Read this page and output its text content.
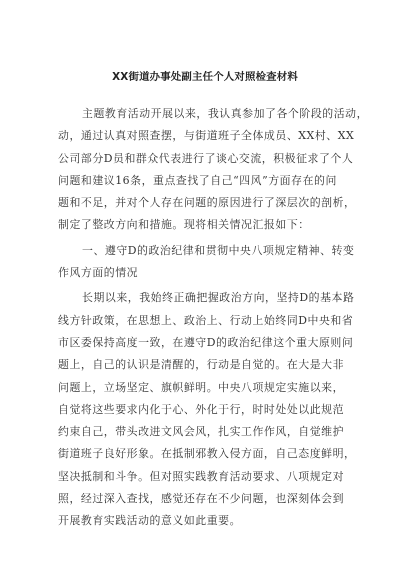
XX街道办事处副主任个人对照检查材料
主题教育活动开展以来，我认真参加了各个阶段的活动，
动，通过认真对照查摆，与街道班子全体成员、XX村、XX
公司部分D员和群众代表进行了谈心交流，积极征求了个人
问题和建议16条，重点查找了自己“四风”方面存在的问
题和不足，并对个人存在问题的原因进行了深层次的剖析，
制定了整改方向和措施。现将相关情况汇报如下：
一、遵守D的政治纪律和贯彻中央八项规定精神、转变
作风方面的情况
长期以来，我始终正确把握政治方向，坚持D的基本路
线方针政策，在思想上、政治上、行动上始终同D中央和省
市区委保持高度一致，在遵守D的政治纪律这个重大原则问
题上，自己的认识是清醒的，行动是自觉的。在大是大非
问题上，立场坚定、旗帜鲜明。中央八项规定实施以来，
自觉将这些要求内化于心、外化于行，时时处处以此规范
约束自己，带头改进文风会风，扎实工作作风，自觉维护
街道班子良好形象。在抵制邪教入侵方面，自己态度鲜明，
坚决抵制和斗争。但对照实践教育活动要求、八项规定对
照，经过深入查找，感觉还存在不少问题，也深刻体会到
开展教育实践活动的意义如此重要。
